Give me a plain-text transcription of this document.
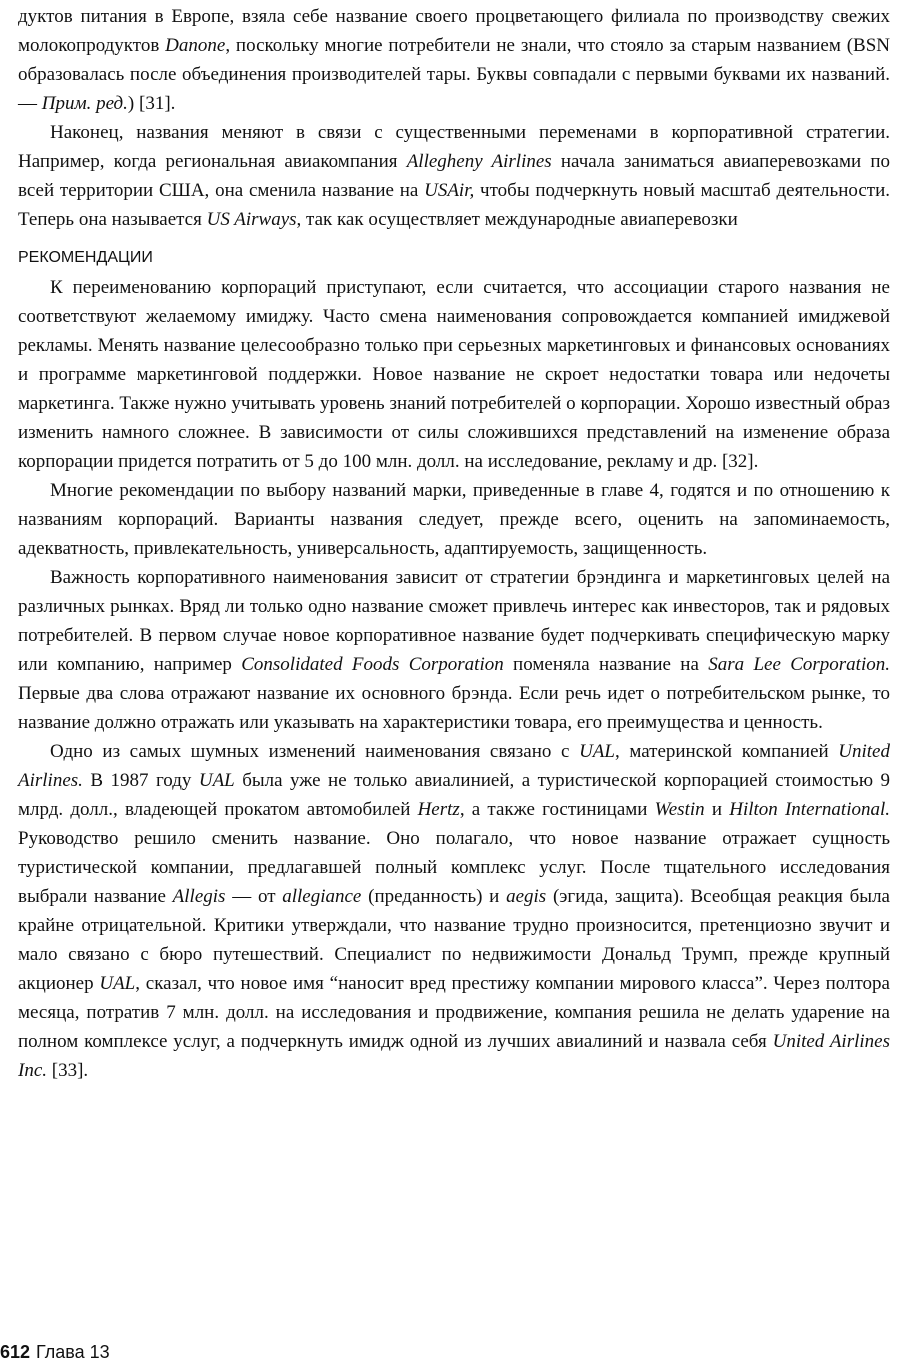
дуктов питания в Европе, взяла себе название своего процветающего филиала по производству свежих молокопродуктов Danone, поскольку многие потребители не знали, что стояло за старым названием (BSN образовалась после объединения производителей тары. Буквы совпадали с первыми буквами их названий. — Прим. ред.) [31].

Наконец, названия меняют в связи с существенными переменами в корпоративной стратегии. Например, когда региональная авиакомпания Allegheny Airlines начала заниматься авиаперевозками по всей территории США, она сменила название на USAir, чтобы подчеркнуть новый масштаб деятельности. Теперь она называется US Airways, так как осуществляет международные авиаперевозки

РЕКОМЕНДАЦИИ

К переименованию корпораций приступают, если считается, что ассоциации старого названия не соответствуют желаемому имиджу. Часто смена наименования сопровождается компанией имиджевой рекламы. Менять название целесообразно только при серьезных маркетинговых и финансовых основаниях и программе маркетинговой поддержки. Новое название не скроет недостатки товара или недочеты маркетинга. Также нужно учитывать уровень знаний потребителей о корпорации. Хорошо известный образ изменить намного сложнее. В зависимости от силы сложившихся представлений на изменение образа корпорации придется потратить от 5 до 100 млн. долл. на исследование, рекламу и др. [32].

Многие рекомендации по выбору названий марки, приведенные в главе 4, годятся и по отношению к названиям корпораций. Варианты названия следует, прежде всего, оценить на запоминаемость, адекватность, привлекательность, универсальность, адаптируемость, защищенность.

Важность корпоративного наименования зависит от стратегии брэндинга и маркетинговых целей на различных рынках. Вряд ли только одно название сможет привлечь интерес как инвесторов, так и рядовых потребителей. В первом случае новое корпоративное название будет подчеркивать специфическую марку или компанию, например Consolidated Foods Corporation поменяла название на Sara Lee Corporation. Первые два слова отражают название их основного брэнда. Если речь идет о потребительском рынке, то название должно отражать или указывать на характеристики товара, его преимущества и ценность.

Одно из самых шумных изменений наименования связано с UAL, материнской компанией United Airlines. В 1987 году UAL была уже не только авиалинией, а туристической корпорацией стоимостью 9 млрд. долл., владеющей прокатом автомобилей Hertz, а также гостиницами Westin и Hilton International. Руководство решило сменить название. Оно полагало, что новое название отражает сущность туристической компании, предлагавшей полный комплекс услуг. После тщательного исследования выбрали название Allegis — от allegiance (преданность) и aegis (эгида, защита). Всеобщая реакция была крайне отрицательной. Критики утверждали, что название трудно произносится, претенциозно звучит и мало связано с бюро путешествий. Специалист по недвижимости Дональд Трумп, прежде крупный акционер UAL, сказал, что новое имя “наносит вред престижу компании мирового класса”. Через полтора месяца, потратив 7 млн. долл. на исследования и продвижение, компания решила не делать ударение на полном комплексе услуг, а подчеркнуть имидж одной из лучших авиалиний и назвала себя United Airlines Inc. [33].

612 Глава 13
